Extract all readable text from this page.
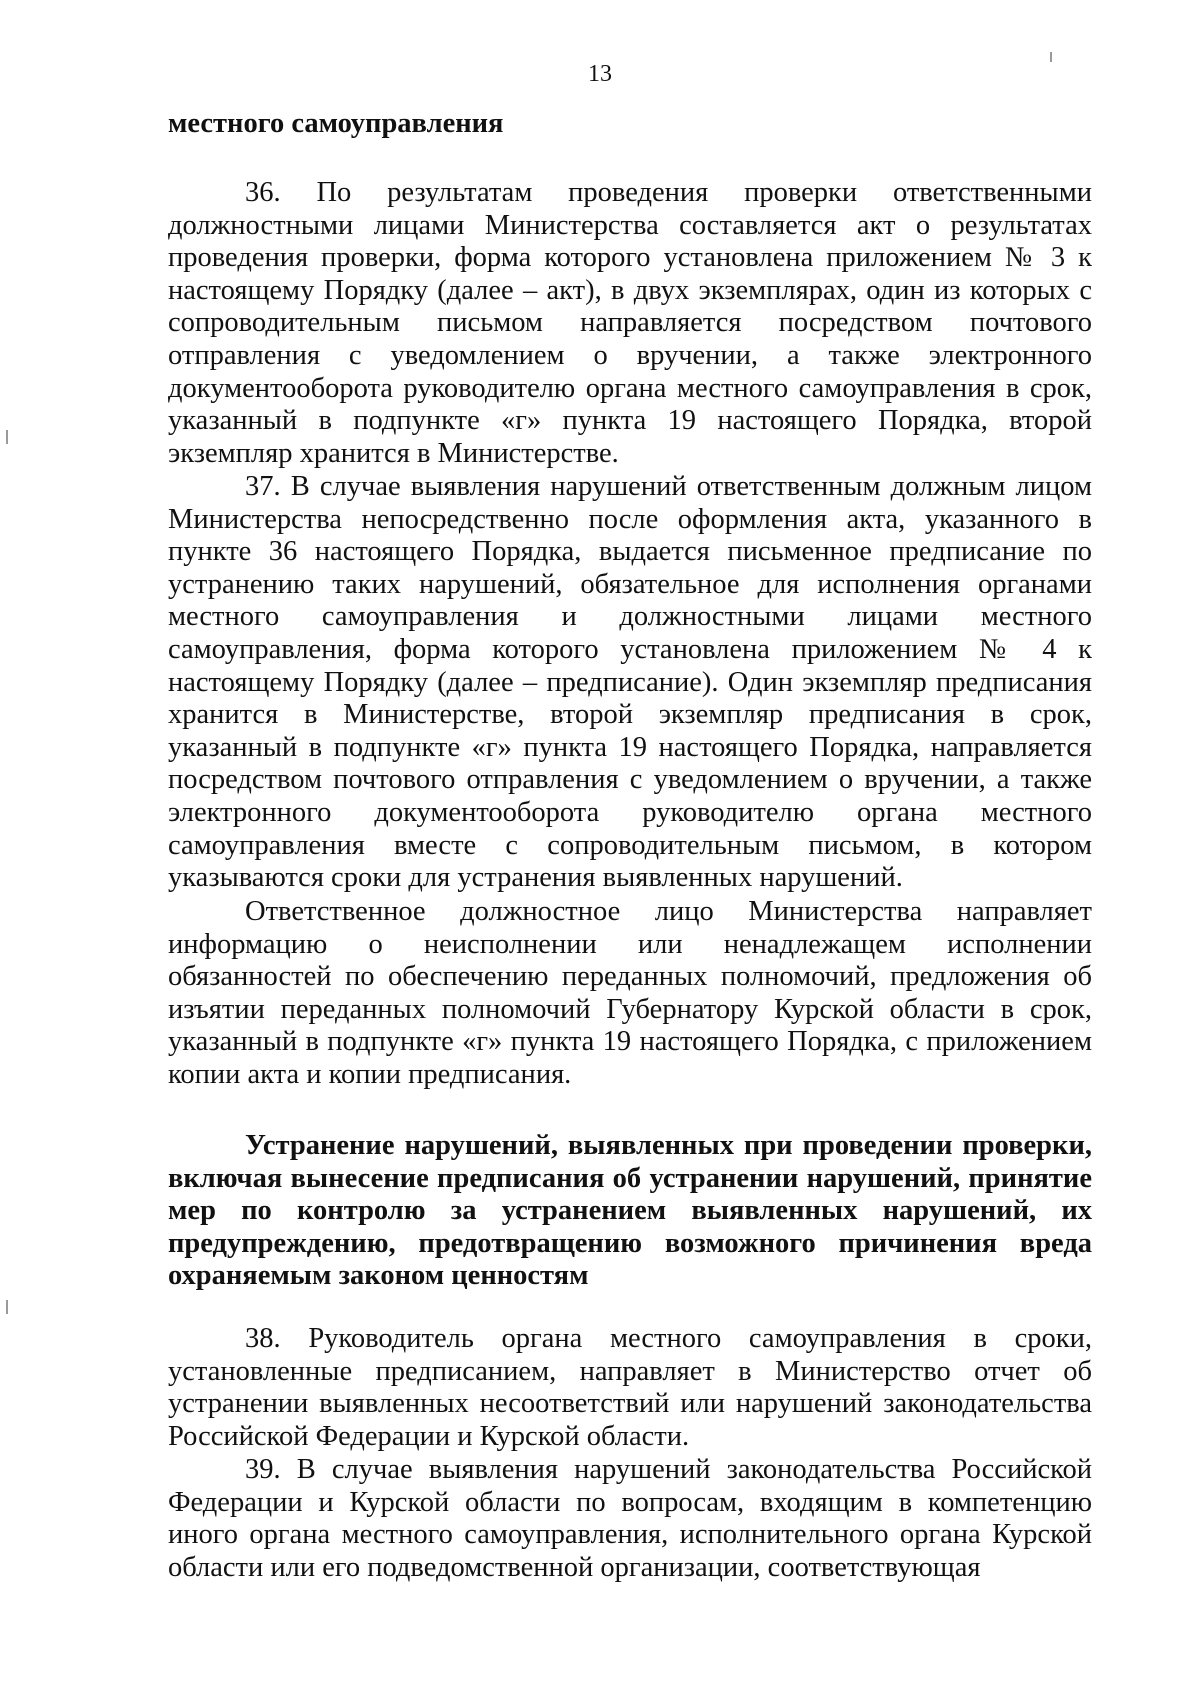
13
местного самоуправления

36. По результатам проведения проверки ответственными должностными лицами Министерства составляется акт о результатах проведения проверки, форма которого установлена приложением № 3 к настоящему Порядку (далее – акт), в двух экземплярах, один из которых с сопроводительным письмом направляется посредством почтового отправления с уведомлением о вручении, а также электронного документооборота руководителю органа местного самоуправления в срок, указанный в подпункте «г» пункта 19 настоящего Порядка, второй экземпляр хранится в Министерстве.

37. В случае выявления нарушений ответственным должным лицом Министерства непосредственно после оформления акта, указанного в пункте 36 настоящего Порядка, выдается письменное предписание по устранению таких нарушений, обязательное для исполнения органами местного самоуправления и должностными лицами местного самоуправления, форма которого установлена приложением № 4 к настоящему Порядку (далее – предписание). Один экземпляр предписания хранится в Министерстве, второй экземпляр предписания в срок, указанный в подпункте «г» пункта 19 настоящего Порядка, направляется посредством почтового отправления с уведомлением о вручении, а также электронного документооборота руководителю органа местного самоуправления вместе с сопроводительным письмом, в котором указываются сроки для устранения выявленных нарушений.

Ответственное должностное лицо Министерства направляет информацию о неисполнении или ненадлежащем исполнении обязанностей по обеспечению переданных полномочий, предложения об изъятии переданных полномочий Губернатору Курской области в срок, указанный в подпункте «г» пункта 19 настоящего Порядка, с приложением копии акта и копии предписания.

Устранение нарушений, выявленных при проведении проверки, включая вынесение предписания об устранении нарушений, принятие мер по контролю за устранением выявленных нарушений, их предупреждению, предотвращению возможного причинения вреда охраняемым законом ценностям

38. Руководитель органа местного самоуправления в сроки, установленные предписанием, направляет в Министерство отчет об устранении выявленных несоответствий или нарушений законодательства Российской Федерации и Курской области.

39. В случае выявления нарушений законодательства Российской Федерации и Курской области по вопросам, входящим в компетенцию иного органа местного самоуправления, исполнительного органа Курской области или его подведомственной организации, соответствующая
